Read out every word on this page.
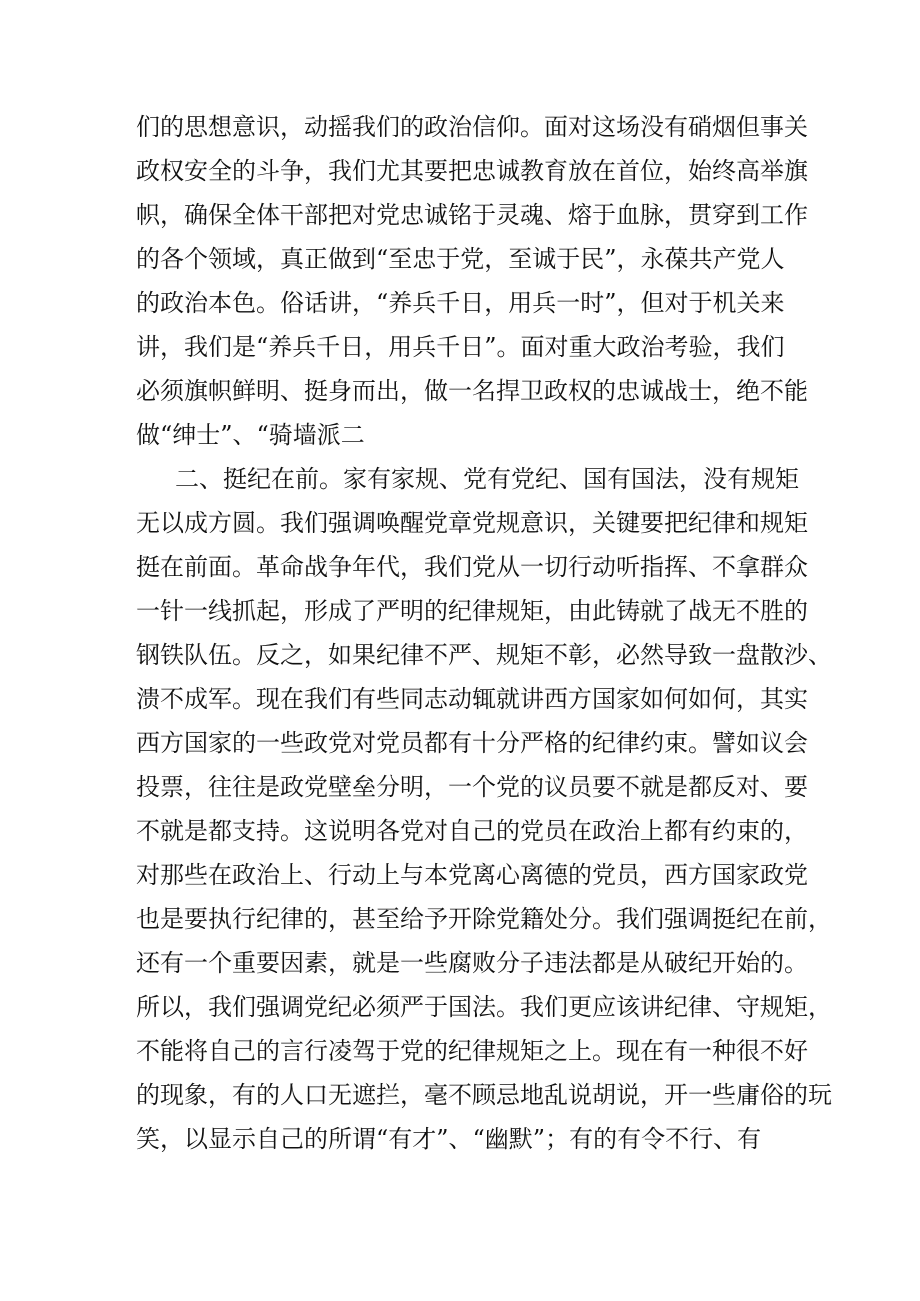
们的思想意识，动摇我们的政治信仰。面对这场没有硝烟但事关
政权安全的斗争，我们尤其要把忠诚教育放在首位，始终高举旗
帜，确保全体干部把对党忠诚铭于灵魂、熔于血脉，贯穿到工作
的各个领域，真正做到“至忠于党，至诚于民”，永葆共产党人
的政治本色。俗话讲，“养兵千日，用兵一时”，但对于机关来
讲，我们是“养兵千日，用兵千日”。面对重大政治考验，我们
必须旗帜鲜明、挺身而出，做一名捍卫政权的忠诚战士，绝不能
做“绅士”、“骑墙派二
二、挺纪在前。家有家规、党有党纪、国有国法，没有规矩
无以成方圆。我们强调唤醒党章党规意识，关键要把纪律和规矩
挺在前面。革命战争年代，我们党从一切行动听指挥、不拿群众
一针一线抓起，形成了严明的纪律规矩，由此铸就了战无不胜的
钢铁队伍。反之，如果纪律不严、规矩不彰，必然导致一盘散沙、
溃不成军。现在我们有些同志动辄就讲西方国家如何如何，其实
西方国家的一些政党对党员都有十分严格的纪律约束。譬如议会
投票，往往是政党壁垒分明，一个党的议员要不就是都反对、要
不就是都支持。这说明各党对自己的党员在政治上都有约束的，
对那些在政治上、行动上与本党离心离德的党员，西方国家政党
也是要执行纪律的，甚至给予开除党籍处分。我们强调挺纪在前，
还有一个重要因素，就是一些腐败分子违法都是从破纪开始的。
所以，我们强调党纪必须严于国法。我们更应该讲纪律、守规矩，
不能将自己的言行凌驾于党的纪律规矩之上。现在有一种很不好
的现象，有的人口无遮拦，毫不顾忌地乱说胡说，开一些庸俗的玩
笑，以显示自己的所谓“有才”、“幽默”；有的有令不行、有
